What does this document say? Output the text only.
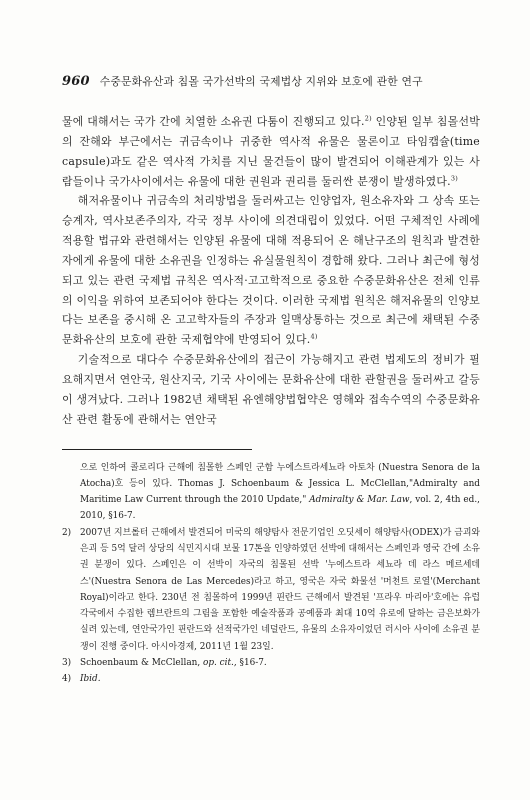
960 수중문화유산과 침몰 국가선박의 국제법상 지위와 보호에 관한 연구

물에 대해서는 국가 간에 치열한 소유권 다툼이 진행되고 있다.$^{2)}$ 인양된 일부 침몰선박의 잔해와 부근에서는 귀금속이나 귀중한 역사적 유물은 물론이고 타임캡슐(time capsule)과도 같은 역사적 가치를 지닌 물건들이 많이 발견되어 이해관계가 있는 사람들이나 국가사이에서는 유물에 대한 권원과 권리를 둘러싼 분쟁이 발생하였다.$^{3)}$

해저유물이나 귀금속의 처리방법을 둘러싸고는 인양업자, 원소유자와 그 상속 또는 승계자, 역사보존주의자, 각국 정부 사이에 의견대립이 있었다. 어떤 구체적인 사례에 적용할 법규와 관련해서는 인양된 유물에 대해 적용되어 온 해난구조의 원칙과 발견한 자에게 유물에 대한 소유권을 인정하는 유실물원칙이 경합해 왔다. 그러나 최근에 형성되고 있는 관련 국제법 규칙은 역사적·고고학적으로 중요한 수중문화유산은 전체 인류의 이익을 위하여 보존되어야 한다는 것이다. 이러한 국제법 원칙은 해저유물의 인양보다는 보존을 중시해 온 고고학자들의 주장과 일맥상통하는 것으로 최근에 채택된 수중문화유산의 보호에 관한 국제협약에 반영되어 있다.$^{4)}$

기술적으로 대다수 수중문화유산에의 접근이 가능해지고 관련 법제도의 정비가 필요해지면서 연안국, 원산지국, 기국 사이에는 문화유산에 대한 관할권을 둘러싸고 갈등이 생겨났다. 그러나 1982년 채택된 유엔해양법협약은 영해와 접속수역의 수중문화유산 관련 활동에 관해서는 연안국

으로 인하여 콜로리다 근해에 침몰한 스페인 군함 누에스트라세뇨라 아토차 (Nuestra Senora de la Atocha)호 등이 있다. Thomas J. Schoenbaum & Jessica L. McClellan,"Admiralty and Maritime Law Current through the 2010 Update," Admiralty & Mar. Law, vol. 2, 4th ed., 2010, §16-7.
2) 2007년 지브롤터 근해에서 발견되어 미국의 해양탐사 전문기업인 오딧세이 해양탐사(ODEX)가 금괴와 은괴 등 5억 달러 상당의 식민지시대 보물 17톤을 인양하였던 선박에 대해서는 스페인과 영국 간에 소유권 분쟁이 있다. 스페인은 이 선박이 자국의 침몰된 선박 '누에스트라 세뇨라 데 라스 메르세데스'(Nuestra Senora de Las Mercedes)라고 하고, 영국은 자국 화물선 '머천트 로열'(Merchant Royal)이라고 한다. 230년 전 침몰하여 1999년 핀란드 근해에서 발견된 '프라우 마리아'호에는 유럽 각국에서 수집한 렘브란트의 그림을 포함한 예술작품과 공예품과 최대 10억 유로에 달하는 금은보화가 실려 있는데, 연안국가인 핀란드와 선적국가인 네덜란드, 유물의 소유자이었던 러시아 사이에 소유권 분쟁이 진행 중이다. 아시아경제, 2011년 1월 23일.
3) Schoenbaum & McClellan, op. cit., §16-7.
4) Ibid.
